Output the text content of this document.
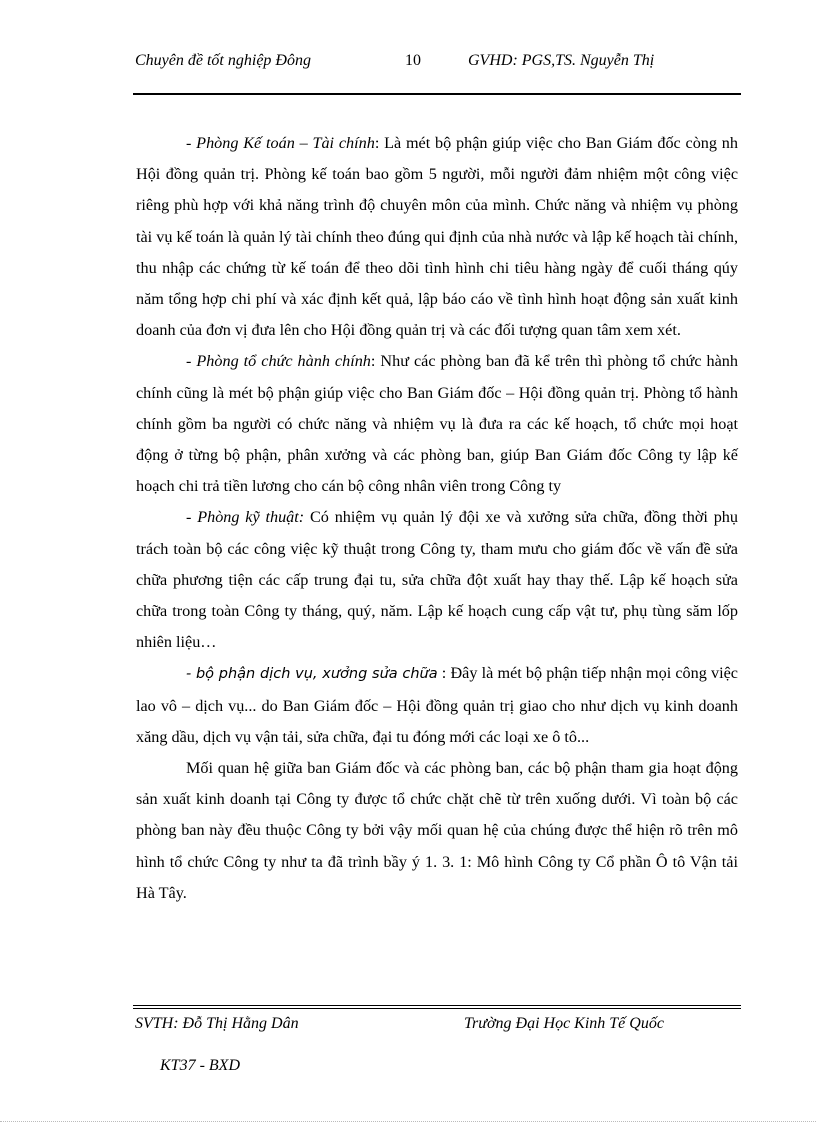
Chuyên đề tốt nghiệp Đông	10	GVHD: PGS,TS. Nguyễn Thị

- Phòng Kế toán – Tài chính: Là mét bộ phận giúp việc cho Ban Giám đốc còng nh Hội đồng quản trị. Phòng kế toán bao gồm 5 người, mỗi người đảm nhiệm một công việc riêng phù hợp với khả năng trình độ chuyên môn của mình. Chức năng và nhiệm vụ phòng tài vụ kế toán là quản lý tài chính theo đúng qui định của nhà nước và lập kế hoạch tài chính, thu nhập các chứng từ kế toán để theo dõi tình hình chi tiêu hàng ngày để cuối tháng qúy năm tổng hợp chi phí và xác định kết quả, lập báo cáo về tình hình hoạt động sản xuất kinh doanh của đơn vị đưa lên cho Hội đồng quản trị và các đối tượng quan tâm xem xét.

- Phòng tổ chức hành chính: Như các phòng ban đã kể trên thì phòng tổ chức hành chính cũng là mét bộ phận giúp việc cho Ban Giám đốc – Hội đồng quản trị. Phòng tổ hành chính gồm ba người có chức năng và nhiệm vụ là đưa ra các kế hoạch, tổ chức mọi hoạt động ở từng bộ phận, phân xưởng và các phòng ban, giúp Ban Giám đốc Công ty lập kế hoạch chi trả tiền lương cho cán bộ công nhân viên trong Công ty

- Phòng kỹ thuật: Có nhiệm vụ quản lý đội xe và xưởng sửa chữa, đồng thời phụ trách toàn bộ các công việc kỹ thuật trong Công ty, tham mưu cho giám đốc về vấn đề sửa chữa phương tiện các cấp trung đại tu, sửa chữa đột xuất hay thay thế. Lập kế hoạch sửa chữa trong toàn Công ty tháng, quý, năm. Lập kế hoạch cung cấp vật tư, phụ tùng săm lốp nhiên liệu…

- bộ phận dịch vụ, xưởng sửa chữa : Đây là mét bộ phận tiếp nhận mọi công việc lao vô – dịch vụ... do Ban Giám đốc – Hội đồng quản trị giao cho như dịch vụ kinh doanh xăng dầu, dịch vụ vận tải, sửa chữa, đại tu đóng mới các loại xe ô tô...

Mối quan hệ giữa ban Giám đốc và các phòng ban, các bộ phận tham gia hoạt động sản xuất kinh doanh tại Công ty được tổ chức chặt chẽ từ trên xuống dưới. Vì toàn bộ các phòng ban này đều thuộc Công ty bởi vậy mối quan hệ của chúng được thể hiện rõ trên mô hình tổ chức Công ty như ta đã trình bầy ý 1. 3. 1: Mô hình Công ty Cổ phần Ô tô Vận tải Hà Tây.

SVTH: Đỗ Thị Hằng Dân	Trường Đại Học Kinh Tế Quốc
KT37 - BXD
